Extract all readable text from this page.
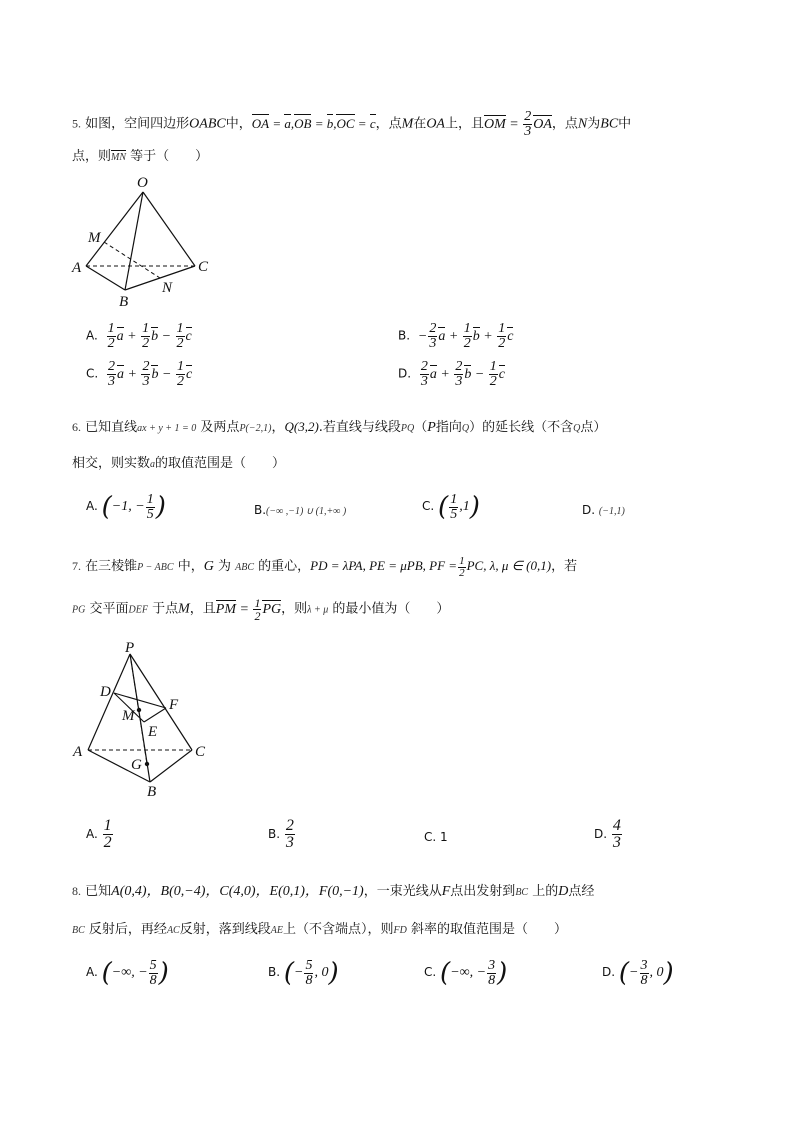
5. 如图，空间四边形OABC中，OA = a,OB = b,OC = c，点M在OA上，且OM = $\frac{2}{3}$ OA，点N为BC中
点，则MN 等于（　　）
O
M
A
B
C
N
A. $\frac{1}{2}$ $a + \frac{1}{2}$ $b - \frac{1}{2}$ c	B. − $\frac{2}{3}$ $a + \frac{1}{2}$ $b + \frac{1}{2}$ c
C. $\frac{2}{3}$ $a + \frac{2}{3}$ $b - \frac{1}{2}$ c	D. $\frac{2}{3}$ $a + \frac{2}{3}$ $b - \frac{1}{2}$ c
6. 已知直线ax + y + 1 = 0 及两点P(−2,1)，Q(3,2).若直线与线段PQ（P指向Q）的延长线（不含Q点）
相交，则实数a的取值范围是（　　）
A. (−1, − $\frac{1}{5}$ )	B.(−∞ ,−1) ∪ (1,+∞ )	C. ( $\frac{1}{5} ,1$)	D. (−1,1)
7. 在三棱锥P − ABC 中，G 为 ABC 的重心，PD = λPA, PE = μPB, PF = $\frac{1}{2}$ PC, λ, μ ∈ (0,1)，若
PG 交平面DEF 于点M，且PM = $\frac{1}{2}$ PG，则λ + μ 的最小值为（　　）
P
D
F
M
E
A	C
G
B
A. $\frac{1}{2}$	B. $\frac{2}{3}$	C. 1	D. $\frac{4}{3}$
8. 已知A(0,4)，B(0,−4)，C(4,0)，E(0,1)，F(0,−1)，一束光线从F点出发射到BC 上的D点经
BC 反射后，再经AC反射，落到线段AE上（不含端点），则FD 斜率的取值范围是（　　）
A. (−∞, − $\frac{5}{8}$ )	B. (− $\frac{5}{8}$ , 0)	C. (−∞, − $\frac{3}{8}$ )	D. (− $\frac{3}{8}$ , 0)
